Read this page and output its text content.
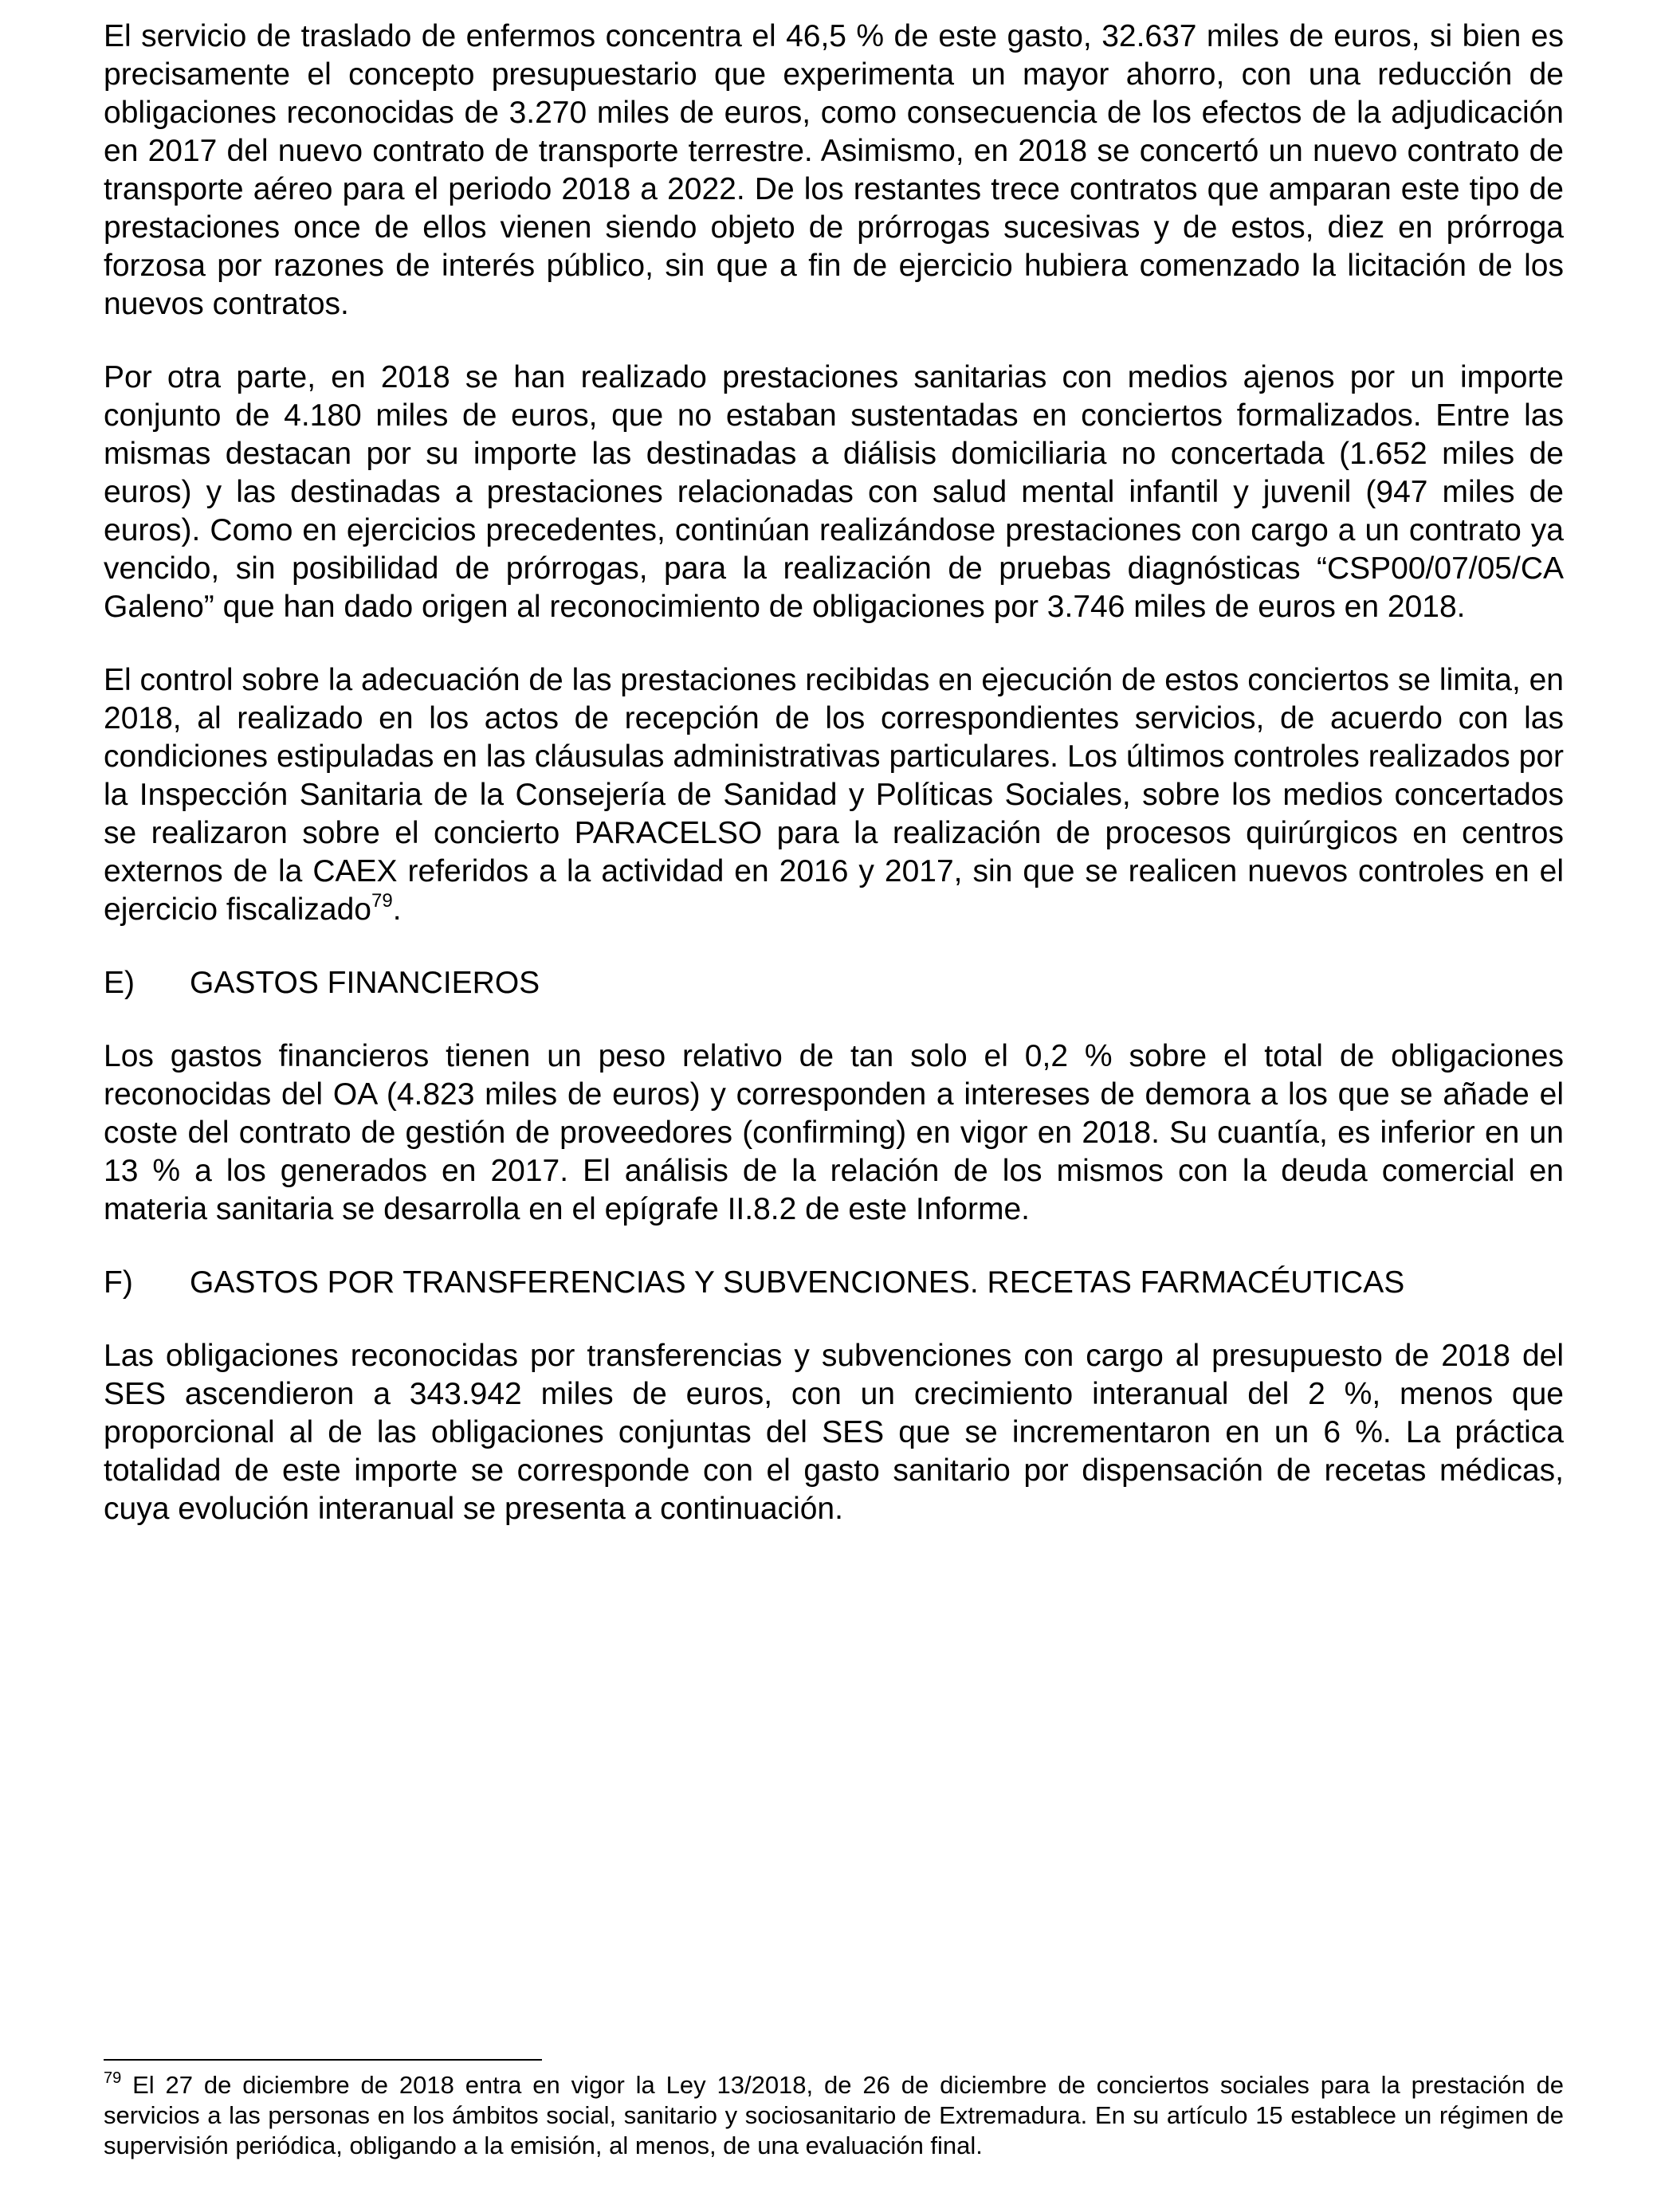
El servicio de traslado de enfermos concentra el 46,5 % de este gasto, 32.637 miles de euros, si bien es precisamente el concepto presupuestario que experimenta un mayor ahorro, con una reducción de obligaciones reconocidas de 3.270 miles de euros, como consecuencia de los efectos de la adjudicación en 2017 del nuevo contrato de transporte terrestre. Asimismo, en 2018 se concertó un nuevo contrato de transporte aéreo para el periodo 2018 a 2022. De los restantes trece contratos que amparan este tipo de prestaciones once de ellos vienen siendo objeto de prórrogas sucesivas y de estos, diez en prórroga forzosa por razones de interés público, sin que a fin de ejercicio hubiera comenzado la licitación de los nuevos contratos.

Por otra parte, en 2018 se han realizado prestaciones sanitarias con medios ajenos por un importe conjunto de 4.180 miles de euros, que no estaban sustentadas en conciertos formalizados. Entre las mismas destacan por su importe las destinadas a diálisis domiciliaria no concertada (1.652 miles de euros) y las destinadas a prestaciones relacionadas con salud mental infantil y juvenil (947 miles de euros). Como en ejercicios precedentes, continúan realizándose prestaciones con cargo a un contrato ya vencido, sin posibilidad de prórrogas, para la realización de pruebas diagnósticas “CSP00/07/05/CA Galeno” que han dado origen al reconocimiento de obligaciones por 3.746 miles de euros en 2018.

El control sobre la adecuación de las prestaciones recibidas en ejecución de estos conciertos se limita, en 2018, al realizado en los actos de recepción de los correspondientes servicios, de acuerdo con las condiciones estipuladas en las cláusulas administrativas particulares. Los últimos controles realizados por la Inspección Sanitaria de la Consejería de Sanidad y Políticas Sociales, sobre los medios concertados se realizaron sobre el concierto PARACELSO para la realización de procesos quirúrgicos en centros externos de la CAEX referidos a la actividad en 2016 y 2017, sin que se realicen nuevos controles en el ejercicio fiscalizado$^{79}$.

E)	GASTOS FINANCIEROS

Los gastos financieros tienen un peso relativo de tan solo el 0,2 % sobre el total de obligaciones reconocidas del OA (4.823 miles de euros) y corresponden a intereses de demora a los que se añade el coste del contrato de gestión de proveedores (confirming) en vigor en 2018. Su cuantía, es inferior en un 13 % a los generados en 2017. El análisis de la relación de los mismos con la deuda comercial en materia sanitaria se desarrolla en el epígrafe II.8.2 de este Informe.

F)	GASTOS POR TRANSFERENCIAS Y SUBVENCIONES. RECETAS FARMACÉUTICAS

Las obligaciones reconocidas por transferencias y subvenciones con cargo al presupuesto de 2018 del SES ascendieron a 343.942 miles de euros, con un crecimiento interanual del 2 %, menos que proporcional al de las obligaciones conjuntas del SES que se incrementaron en un 6 %. La práctica totalidad de este importe se corresponde con el gasto sanitario por dispensación de recetas médicas, cuya evolución interanual se presenta a continuación.

$^{79}$ El 27 de diciembre de 2018 entra en vigor la Ley 13/2018, de 26 de diciembre de conciertos sociales para la prestación de servicios a las personas en los ámbitos social, sanitario y sociosanitario de Extremadura. En su artículo 15 establece un régimen de supervisión periódica, obligando a la emisión, al menos, de una evaluación final.
